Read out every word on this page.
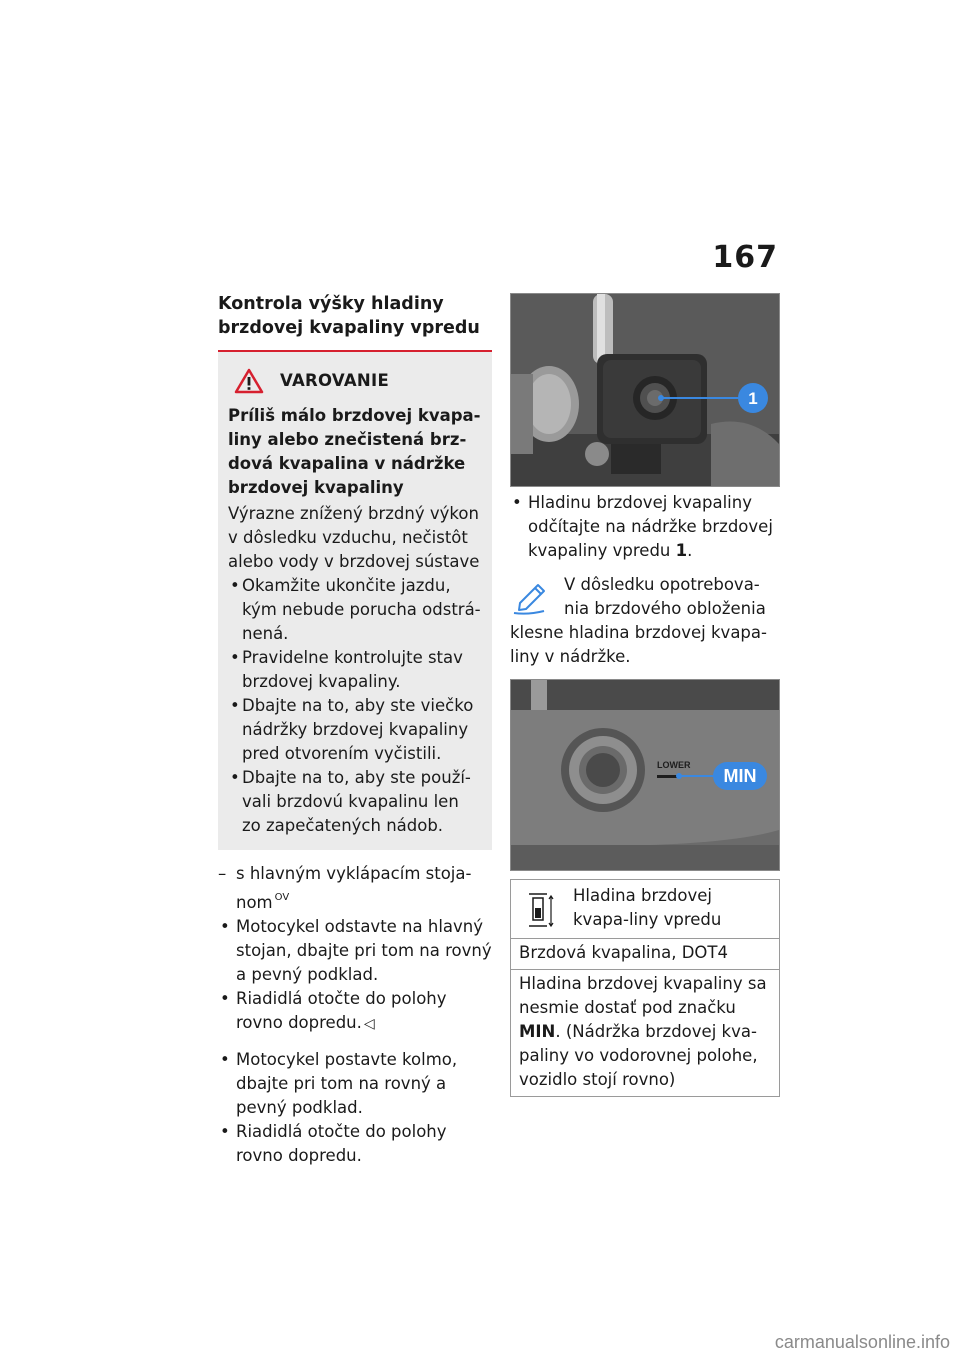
167
Kontrola výšky hladiny
brzdovej kvapaliny vpredu
VAROVANIE
Príliš málo brzdovej kvapa-liny alebo znečistená brz-dová kvapalina v nádržke brzdovej kvapaliny

Výrazne znížený brzdný výkon v dôsledku vzduchu, nečistôt alebo vody v brzdovej sústave

• Okamžite ukončite jazdu, kým nebude porucha odstrá-nená.
• Pravidelne kontrolujte stav brzdovej kvapaliny.
• Dbajte na to, aby ste viečko nádržky brzdovej kvapaliny pred otvorením vyčistili.
• Dbajte na to, aby ste použí-vali brzdovú kvapalinu len zo zapečatených nádob.
– s hlavným vyklápacím stoja-nom $^{OV}$
• Motocykel odstavte na hlavný stojan, dbajte pri tom na rovný a pevný podklad.
• Riadidlá otočte do polohy rovno dopredu. ◁
• Motocykel postavte kolmo, dbajte pri tom na rovný a pevný podklad.
• Riadidlá otočte do polohy rovno dopredu.
1
• Hladinu brzdovej kvapaliny odčítajte na nádržke brzdovej kvapaliny vpredu 1.
V dôsledku opotrebova-nia brzdového obloženia
klesne hladina brzdovej kvapa-liny v nádržke.
LOWER
MIN
Hladina brzdovej kvapa-liny vpredu
Brzdová kvapalina, DOT4
Hladina brzdovej kvapaliny sa nesmie dostať pod značku MIN. (Nádržka brzdovej kva-paliny vo vodorovnej polohe, vozidlo stojí rovno)
carmanualsonline.info
